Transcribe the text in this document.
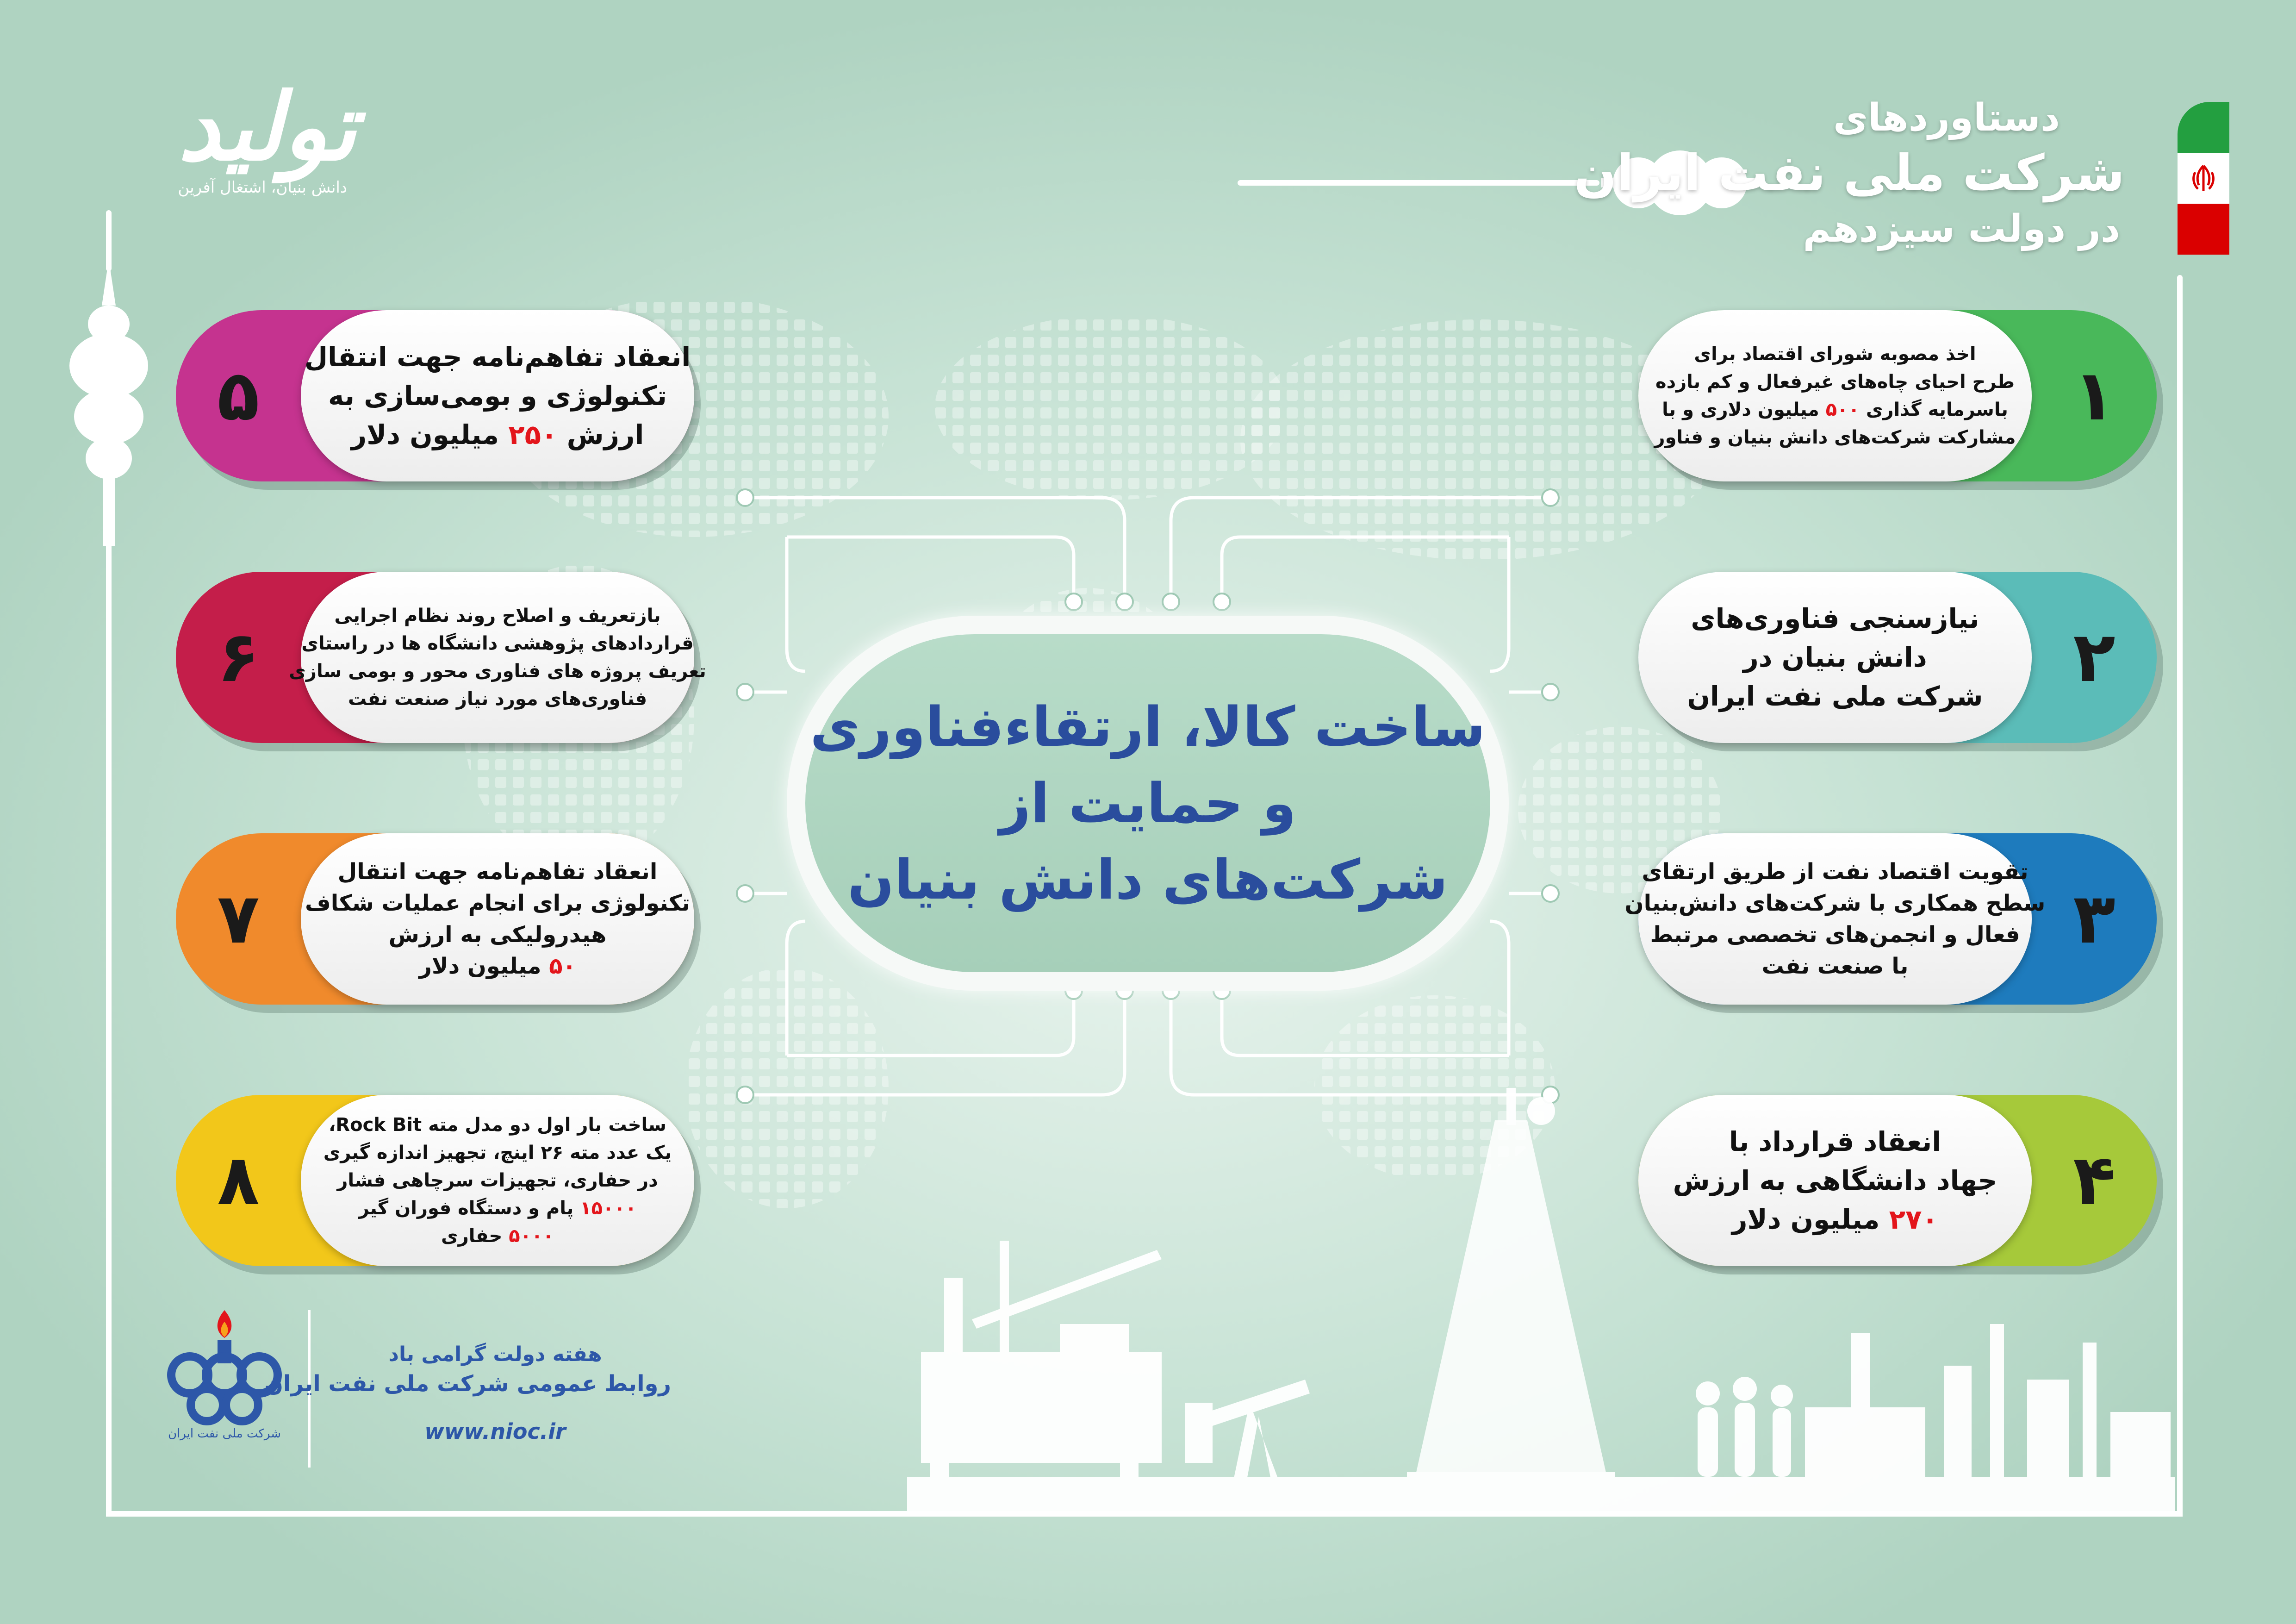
دستاوردهای
شرکت ملی نفت ایران
در دولت سیزدهم
تولید
دانش بنیان، اشتغال آفرین
ساخت کالا، ارتقاءفناوری
و حمایت از
شرکت‌های دانش بنیان
۱
اخذ مصوبه شورای اقتصاد برای
طرح احیای چاه‌های غیرفعال و کم بازده
باسرمایه گذاری ۵۰۰ میلیون دلاری و با
مشارکت شرکت‌های دانش بنیان و فناور
۲
نیازسنجی فناوری‌های
دانش بنیان در
شرکت ملی نفت ایران
۳
تقویت اقتصاد نفت از طریق ارتقای
سطح همکاری با شرکت‌های دانش‌بنیان
فعال و انجمن‌های تخصصی مرتبط
با صنعت نفت
۴
انعقاد قرارداد با
جهاد دانشگاهی به ارزش
۲۷۰ میلیون دلار
۵	انعقاد تفاهم‌نامه جهت انتقال
تکنولوژی و بومی‌سازی به
ارزش ۲۵۰ میلیون دلار
۶
بازتعریف و اصلاح روند نظام اجرایی
قراردادهای پژوهشی دانشگاه ها در راستای
تعریف پروژه های فناوری محور و بومی سازی
فناوری‌های مورد نیاز صنعت نفت
۷
انعقاد تفاهم‌نامه جهت انتقال
تکنولوژی برای انجام عملیات شکاف
هیدرولیکی به ارزش
۵۰ میلیون دلار
۸
ساخت بار اول دو مدل مته Rock Bit،
یک عدد مته ۲۶ اینچ، تجهیز اندازه گیری
در حفاری، تجهیزات سرچاهی فشار
۱۵۰۰۰ پام و دستگاه فوران گیر
۵۰۰۰ حفاری
شرکت ملی نفت ایران
هفته دولت گرامی باد
روابط عمومی شرکت ملی نفت ایران
www.nioc.ir
